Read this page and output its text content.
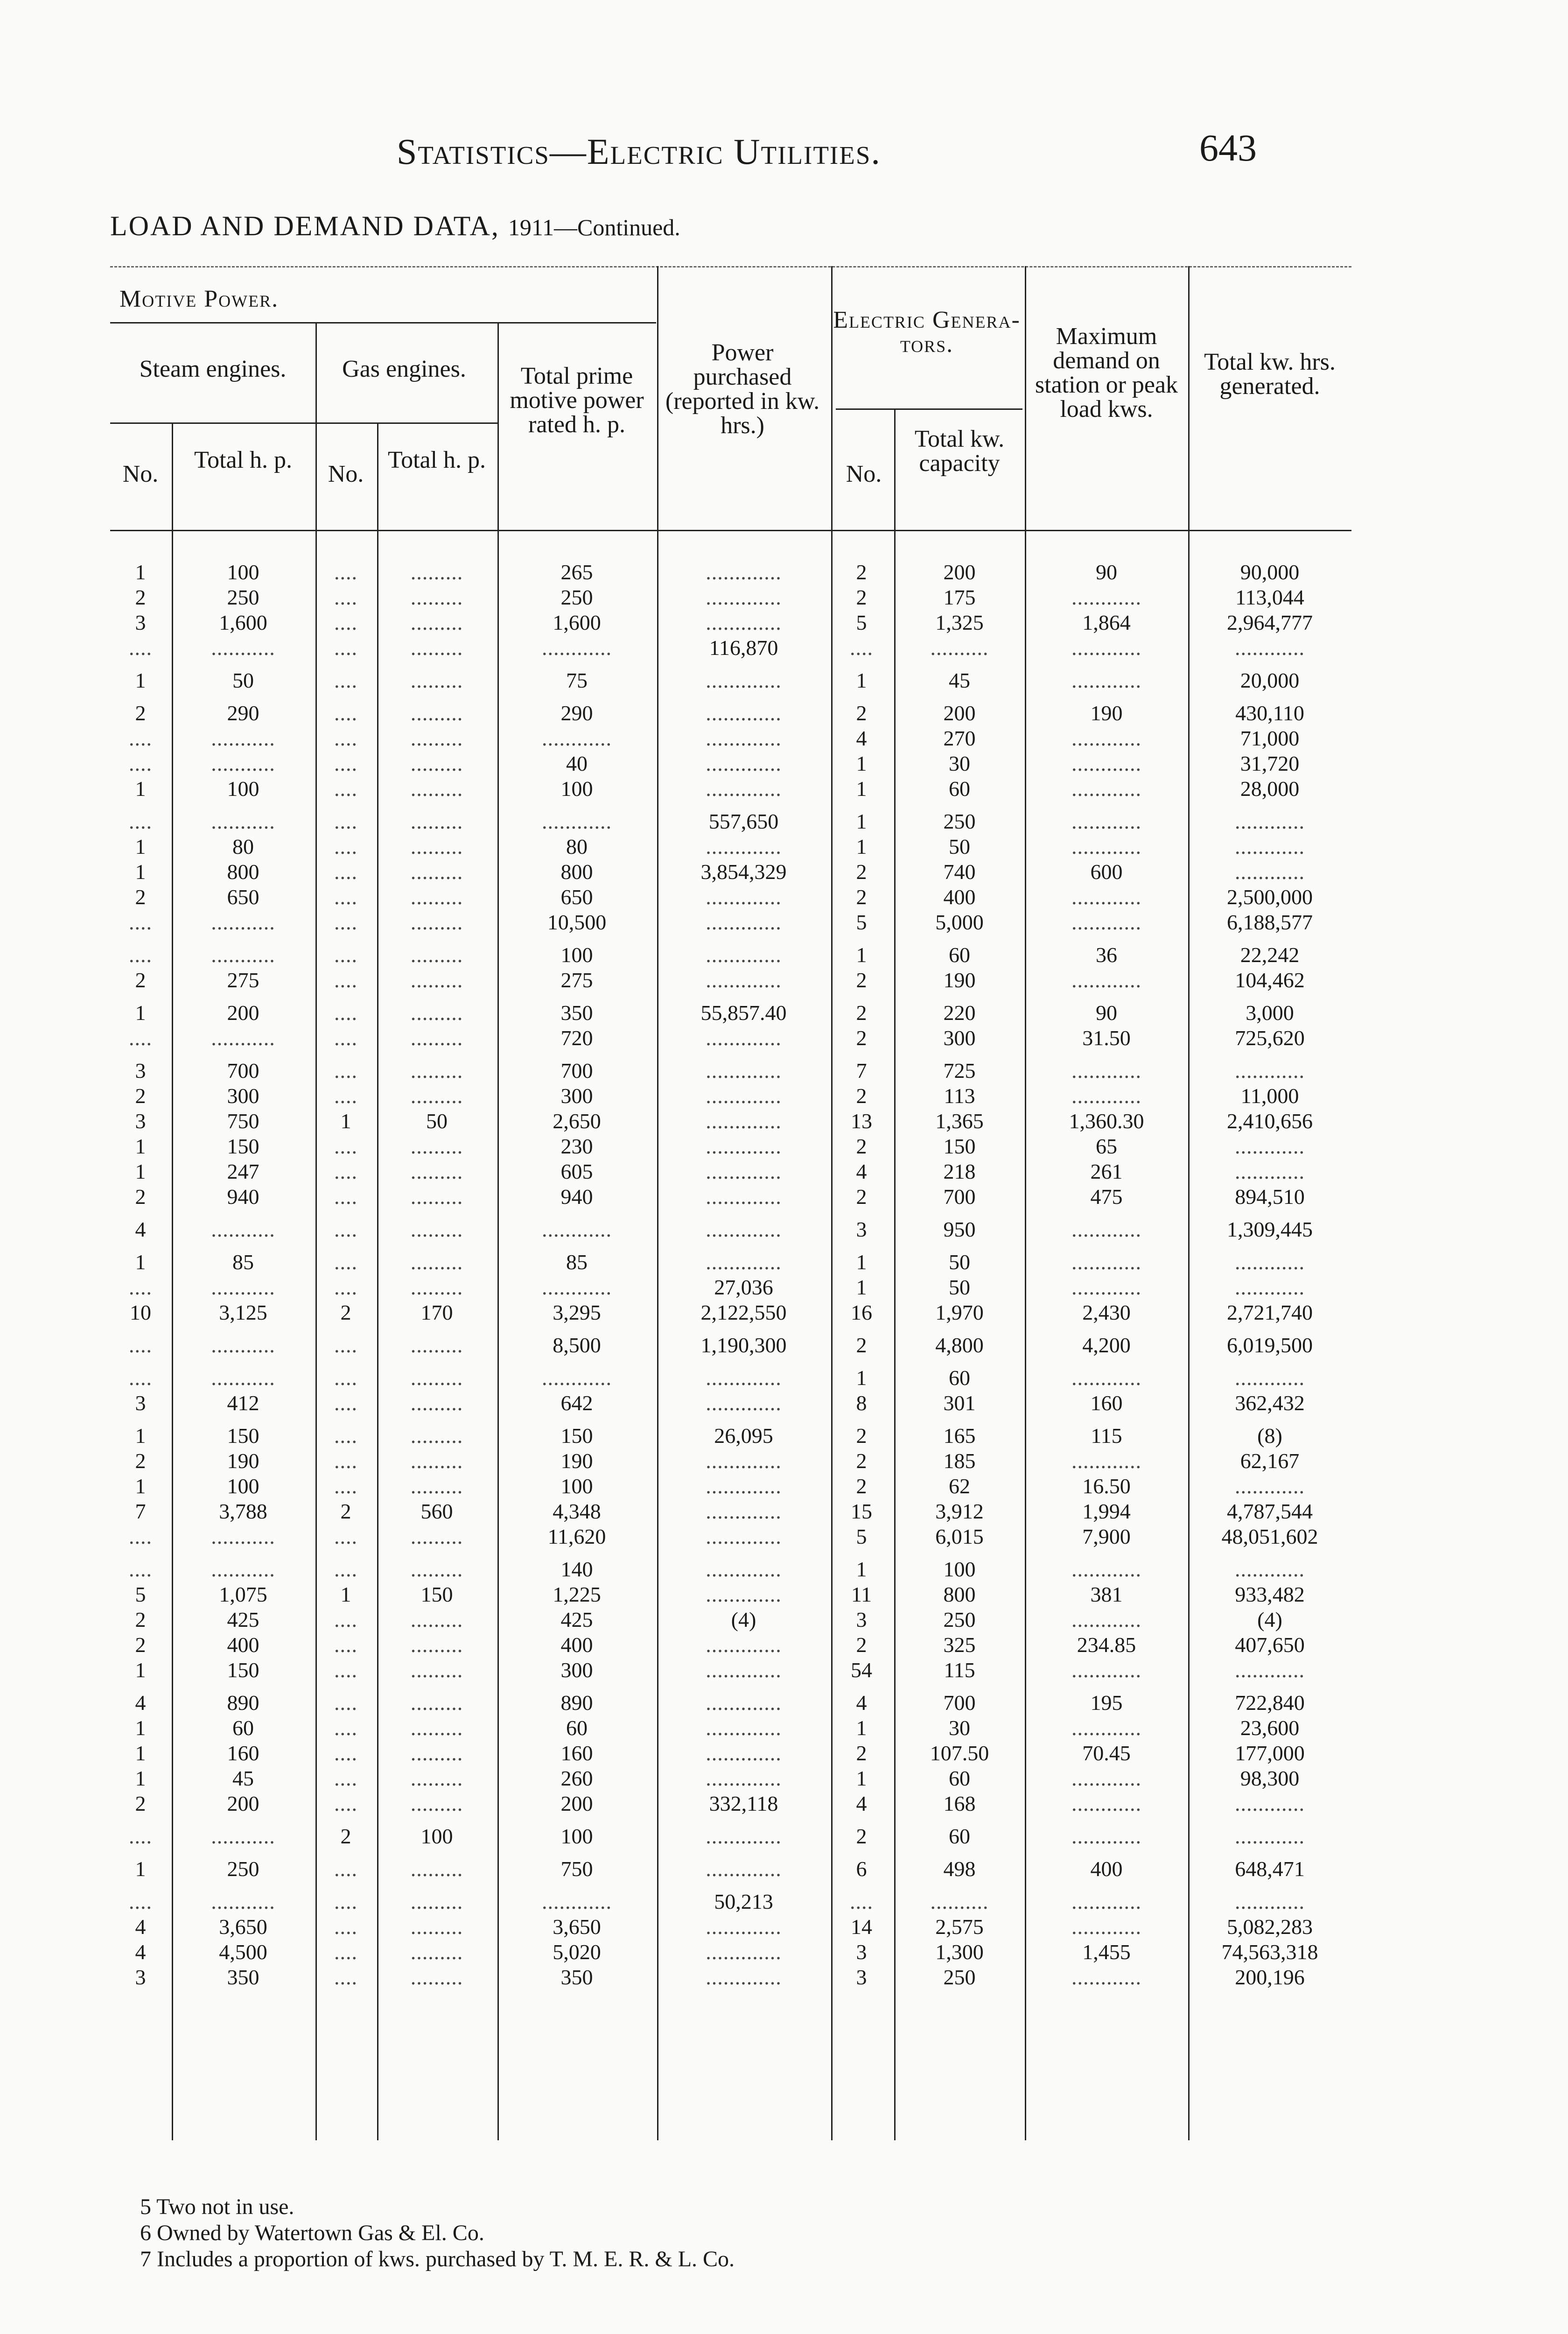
Statistics—Electric Utilities.	643
LOAD AND DEMAND DATA, 1911—Continued.
Motive Power.
Steam engines.	Gas engines.	Total prime motive power rated h. p.
Power purchased (reported in kw. hrs.)
Electric Genera-tors.	Maximum demand on station or peak load kws.
Total kw. hrs. generated.
No.
Total h. p.
No.
Total h. p.
No.
Total kw. capacity
1	100	....	.........	265	.............	2	200	90	90,000
2	250	....	.........	250	.............	2	175	............	113,044
3	1,600	....	.........	1,600	.............	5	1,325	1,864	2,964,777
....	...........	....	.........	............	116,870	....	..........	............	............
1	50	....	.........	75	.............	1	45	............	20,000
2	290	....	.........	290	.............	2	200	190	430,110
....	...........	....	.........	............	.............	4	270	............	71,000
....	...........	....	.........	40	.............	1	30	............	31,720
1	100	....	.........	100	.............	1	60	............	28,000
....	...........	....	.........	............	557,650	1	250	............	............
1	80	....	.........	80	.............	1	50	............	............
1	800	....	.........	800	3,854,329	2	740	600	............
2	650	....	.........	650	.............	2	400	............	2,500,000
....	...........	....	.........	10,500	.............	5	5,000	............	6,188,577
....	...........	....	.........	100	.............	1	60	36	22,242
2	275	....	.........	275	.............	2	190	............	104,462
1	200	....	.........	350	55,857.40	2	220	90	3,000
....	...........	....	.........	720	.............	2	300	31.50	725,620
3	700	....	.........	700	.............	7	725	............	............
2	300	....	.........	300	.............	2	113	............	11,000
3	750	1	50	2,650	.............	13	1,365	1,360.30	2,410,656
1	150	....	.........	230	.............	2	150	65	............
1	247	....	.........	605	.............	4	218	261	............
2	940	....	.........	940	.............	2	700	475	894,510
4	...........	....	.........	............	.............	3	950	............	1,309,445
1	85	....	.........	85	.............	1	50	............	............
....	...........	....	.........	............	27,036	1	50	............	............
10	3,125	2	170	3,295	2,122,550	16	1,970	2,430	2,721,740
....	...........	....	.........	8,500	1,190,300	2	4,800	4,200	6,019,500
....	...........	....	.........	............	.............	1	60	............	............
3	412	....	.........	642	.............	8	301	160	362,432
1	150	....	.........	150	26,095	2	165	115	(8)
2	190	....	.........	190	.............	2	185	............	62,167
1	100	....	.........	100	.............	2	62	16.50	............
7	3,788	2	560	4,348	.............	15	3,912	1,994	4,787,544
....	...........	....	.........	11,620	.............	5	6,015	7,900	48,051,602
....	...........	....	.........	140	.............	1	100	............	............
5	1,075	1	150	1,225	.............	11	800	381	933,482
2	425	....	.........	425	(4)	3	250	............	(4)
2	400	....	.........	400	.............	2	325	234.85	407,650
1	150	....	.........	300	.............	54	115	............	............
4	890	....	.........	890	.............	4	700	195	722,840
1	60	....	.........	60	.............	1	30	............	23,600
1	160	....	.........	160	.............	2	107.50	70.45	177,000
1	45	....	.........	260	.............	1	60	............	98,300
2	200	....	.........	200	332,118	4	168	............	............
....	...........	2	100	100	.............	2	60	............	............
1	250	....	.........	750	.............	6	498	400	648,471
....	...........	....	.........	............	50,213	....	..........	............	............
4	3,650	....	.........	3,650	.............	14	2,575	............	5,082,283
4	4,500	....	.........	5,020	.............	3	1,300	1,455	74,563,318
3	350	....	.........	350	.............	3	250	............	200,196
5 Two not in use.
6 Owned by Watertown Gas & El. Co.
7 Includes a proportion of kws. purchased by T. M. E. R. & L. Co.
